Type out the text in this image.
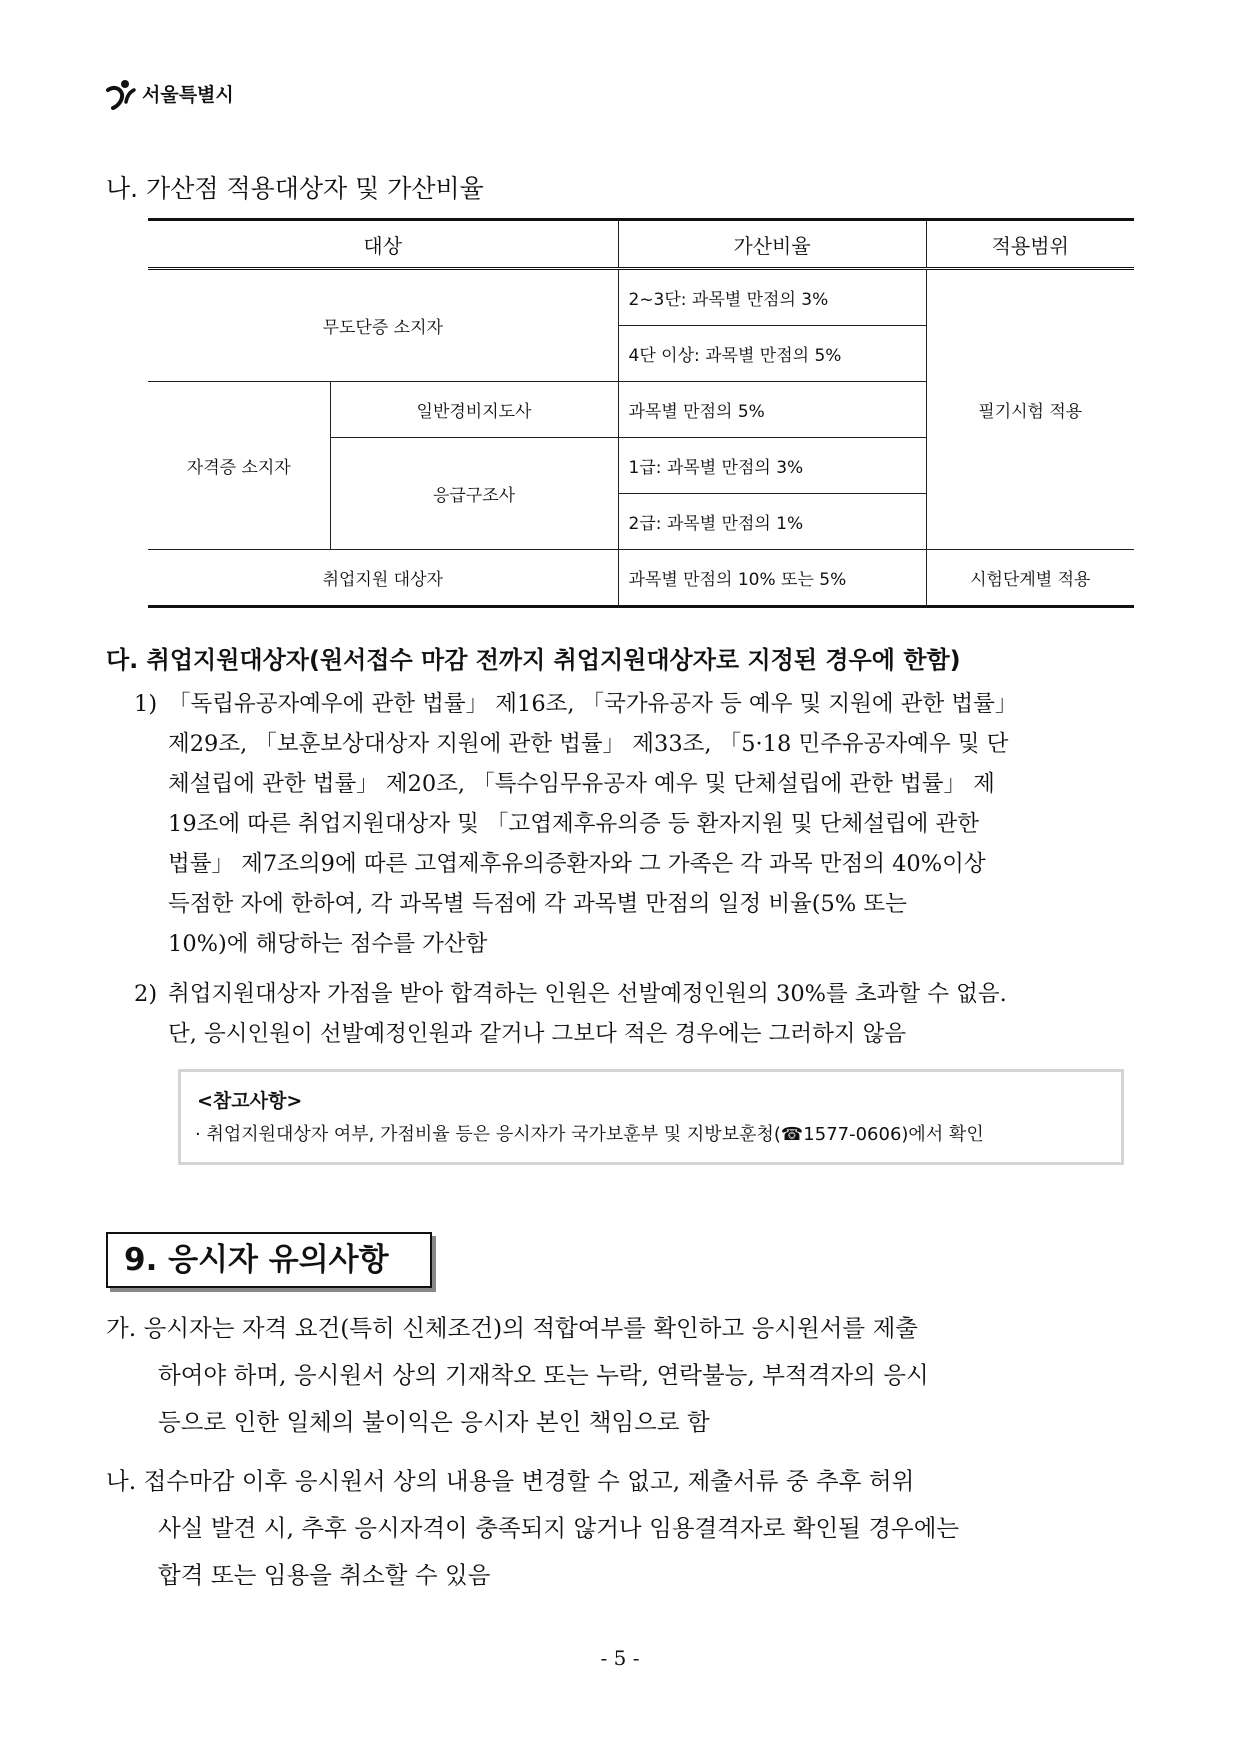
서울특별시
나. 가산점 적용대상자 및 가산비율
대상		가산비율	적용범위
무도단증 소지자		2~3단: 과목별 만점의 3%	필기시험 적용
		4단 이상: 과목별 만점의 5%	
자격증 소지자	일반경비지도사	과목별 만점의 5%	
	응급구조사	1급: 과목별 만점의 3%	
		2급: 과목별 만점의 1%	
취업지원 대상자		과목별 만점의 10% 또는 5%	시험단계별 적용
다. 취업지원대상자(원서접수 마감 전까지 취업지원대상자로 지정된 경우에 한함)
1) 「독립유공자예우에 관한 법률」 제16조, 「국가유공자 등 예우 및 지원에 관한 법률」
제29조, 「보훈보상대상자 지원에 관한 법률」 제33조, 「5·18 민주유공자예우 및 단
체설립에 관한 법률」 제20조, 「특수임무유공자 예우 및 단체설립에 관한 법률」 제
19조에 따른 취업지원대상자 및 「고엽제후유의증 등 환자지원 및 단체설립에 관한
법률」 제7조의9에 따른 고엽제후유의증환자와 그 가족은 각 과목 만점의 40%이상
득점한 자에 한하여, 각 과목별 득점에 각 과목별 만점의 일정 비율(5% 또는
10%)에 해당하는 점수를 가산함
2) 취업지원대상자 가점을 받아 합격하는 인원은 선발예정인원의 30%를 초과할 수 없음.
단, 응시인원이 선발예정인원과 같거나 그보다 적은 경우에는 그러하지 않음
<참고사항>
· 취업지원대상자 여부, 가점비율 등은 응시자가 국가보훈부 및 지방보훈청(☎1577-0606)에서 확인
9. 응시자 유의사항
가. 응시자는 자격 요건(특히 신체조건)의 적합여부를 확인하고 응시원서를 제출
하여야 하며, 응시원서 상의 기재착오 또는 누락, 연락불능, 부적격자의 응시
등으로 인한 일체의 불이익은 응시자 본인 책임으로 함
나. 접수마감 이후 응시원서 상의 내용을 변경할 수 없고, 제출서류 중 추후 허위
사실 발견 시, 추후 응시자격이 충족되지 않거나 임용결격자로 확인될 경우에는
합격 또는 임용을 취소할 수 있음
- 5 -
